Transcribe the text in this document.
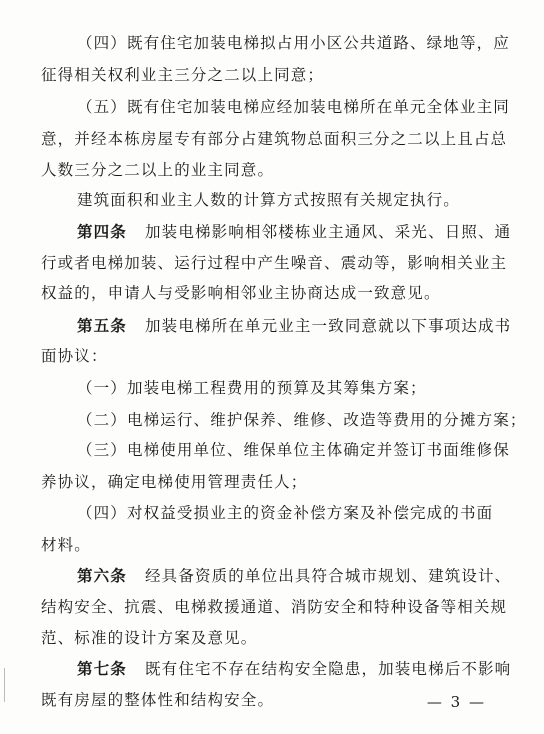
（四）既有住宅加装电梯拟占用小区公共道路、绿地等，应
征得相关权利业主三分之二以上同意；
（五）既有住宅加装电梯应经加装电梯所在单元全体业主同
意，并经本栋房屋专有部分占建筑物总面积三分之二以上且占总
人数三分之二以上的业主同意。
建筑面积和业主人数的计算方式按照有关规定执行。
第四条 加装电梯影响相邻楼栋业主通风、采光、日照、通
行或者电梯加装、运行过程中产生噪音、震动等，影响相关业主
权益的，申请人与受影响相邻业主协商达成一致意见。
第五条 加装电梯所在单元业主一致同意就以下事项达成书
面协议：
（一）加装电梯工程费用的预算及其筹集方案；
（二）电梯运行、维护保养、维修、改造等费用的分摊方案；
（三）电梯使用单位、维保单位主体确定并签订书面维修保
养协议，确定电梯使用管理责任人；
（四）对权益受损业主的资金补偿方案及补偿完成的书面
材料。
第六条 经具备资质的单位出具符合城市规划、建筑设计、
结构安全、抗震、电梯救援通道、消防安全和特种设备等相关规
范、标准的设计方案及意见。
第七条 既有住宅不存在结构安全隐患，加装电梯后不影响
既有房屋的整体性和结构安全。	— 3 —
